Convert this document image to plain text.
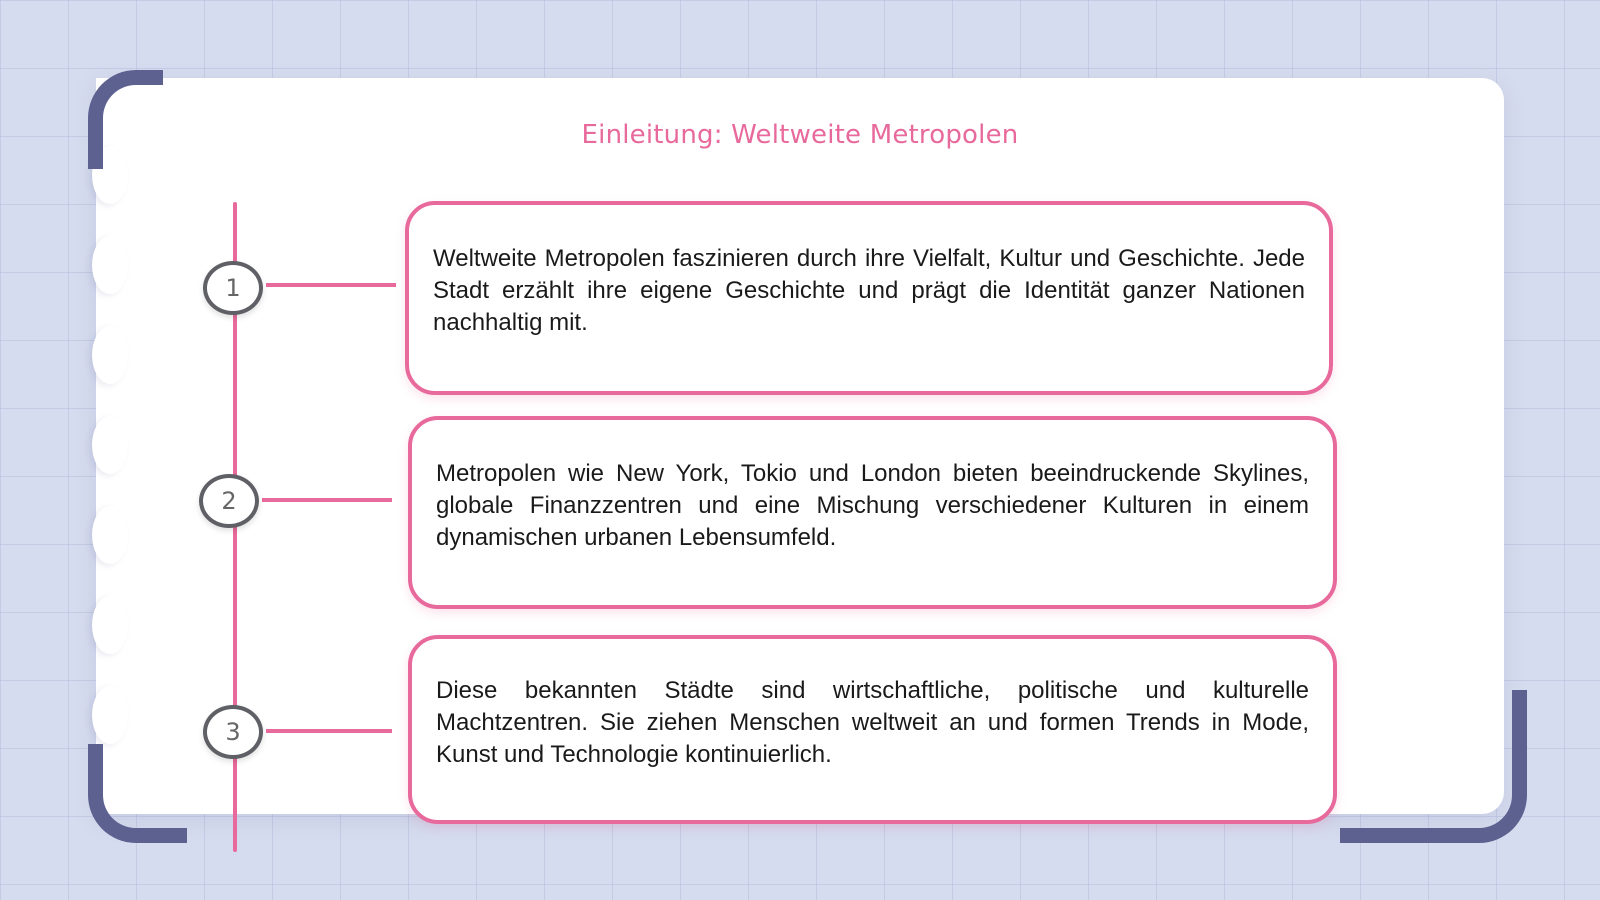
Einleitung: Weltweite Metropolen
1

Weltweite Metropolen faszinieren durch ihre Vielfalt, Kultur und Geschichte. Jede Stadt erzählt ihre eigene Geschichte und prägt die Identität ganzer Nationen nachhaltig mit.

2

Metropolen wie New York, Tokio und London bieten beeindruckende Skylines, globale Finanzzentren und eine Mischung verschiedener Kulturen in einem dynamischen urbanen Lebensumfeld.

3

Diese bekannten Städte sind wirtschaftliche, politische und kulturelle Machtzentren. Sie ziehen Menschen weltweit an und formen Trends in Mode, Kunst und Technologie kontinuierlich.
